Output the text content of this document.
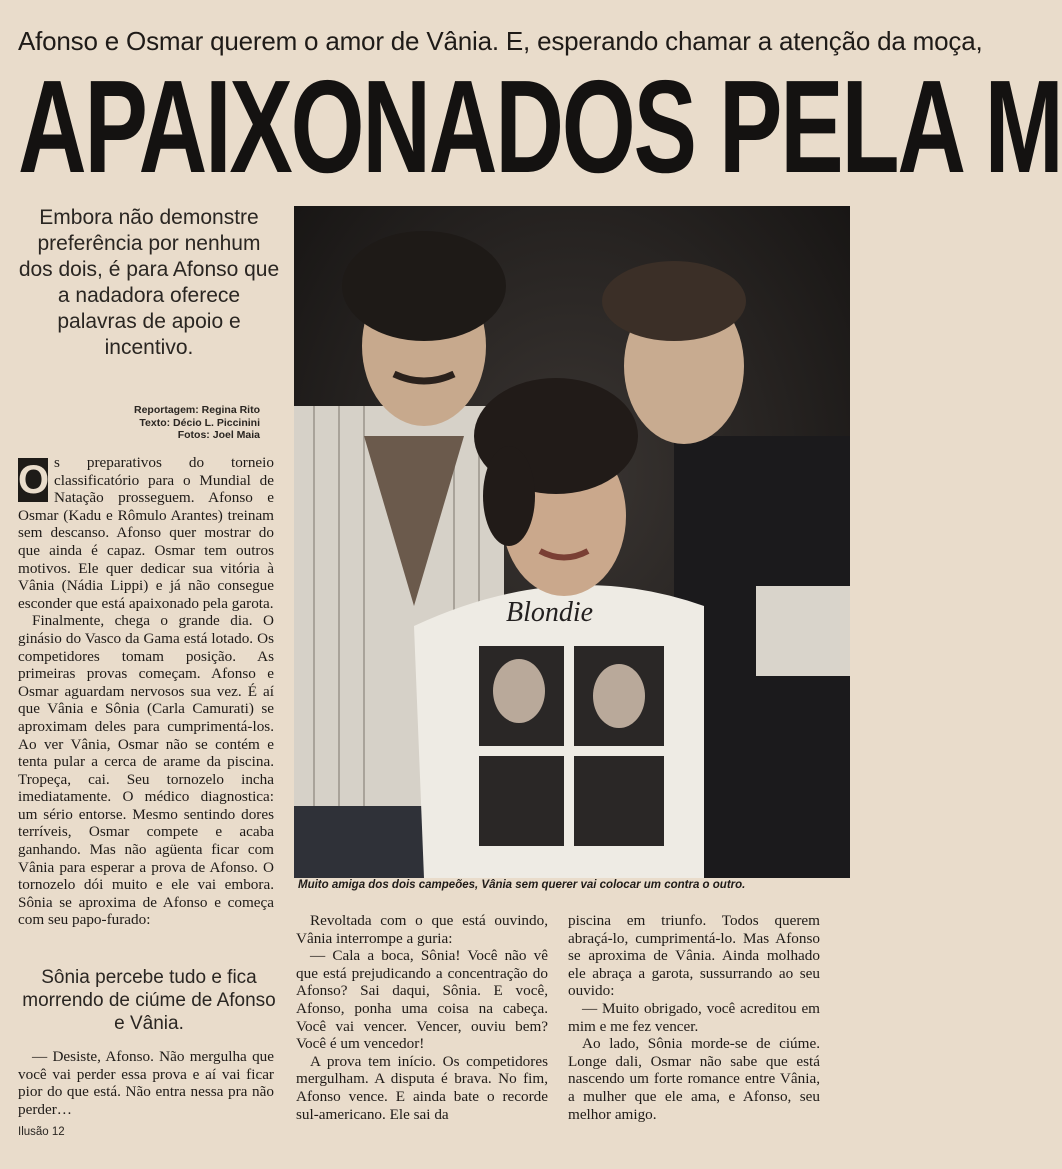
Afonso e Osmar querem o amor de Vânia. E, esperando chamar a atenção da moça,
APAIXONADOS PELA M
Embora não demonstre preferência por nenhum dos dois, é para Afonso que a nadadora oferece palavras de apoio e incentivo.
Reportagem: Regina Rito
Texto: Décio L. Piccinini
Fotos: Joel Maia
O s preparativos do torneio classificatório para o Mundial de Natação prosseguem. Afonso e Osmar (Kadu e Rômulo Arantes) treinam sem descanso. Afonso quer mostrar do que ainda é capaz. Osmar tem outros motivos. Ele quer dedicar sua vitória à Vânia (Nádia Lippi) e já não consegue esconder que está apaixonado pela garota.

Finalmente, chega o grande dia. O ginásio do Vasco da Gama está lotado. Os competidores tomam posição. As primeiras provas começam. Afonso e Osmar aguardam nervosos sua vez. É aí que Vânia e Sônia (Carla Camurati) se aproximam deles para cumprimentá-los. Ao ver Vânia, Osmar não se contém e tenta pular a cerca de arame da piscina. Tropeça, cai. Seu tornozelo incha imediatamente. O médico diagnostica: um sério entorse. Mesmo sentindo dores terríveis, Osmar compete e acaba ganhando. Mas não agüenta ficar com Vânia para esperar a prova de Afonso. O tornozelo dói muito e ele vai embora. Sônia se aproxima de Afonso e começa com seu papo-furado:

Sônia percebe tudo e fica morrendo de ciúme de Afonso e Vânia.

— Desiste, Afonso. Não mergulha que você vai perder essa prova e aí vai ficar pior do que está. Não entra nessa pra não perder…

Blondie
Muito amiga dos dois campeões, Vânia sem querer vai colocar um contra o outro.

Revoltada com o que está ouvindo, Vânia interrompe a guria:

— Cala a boca, Sônia! Você não vê que está prejudicando a concentração do Afonso? Sai daqui, Sônia. E você, Afonso, ponha uma coisa na cabeça. Você vai vencer. Vencer, ouviu bem? Você é um vencedor!

A prova tem início. Os competidores mergulham. A disputa é brava. No fim, Afonso vence. E ainda bate o recorde sul-americano. Ele sai da

piscina em triunfo. Todos querem abraçá-lo, cumprimentá-lo. Mas Afonso se aproxima de Vânia. Ainda molhado ele abraça a garota, sussurrando ao seu ouvido:

— Muito obrigado, você acreditou em mim e me fez vencer.

Ao lado, Sônia morde-se de ciúme. Longe dali, Osmar não sabe que está nascendo um forte romance entre Vânia, a mulher que ele ama, e Afonso, seu melhor amigo.

Ilusão 12
